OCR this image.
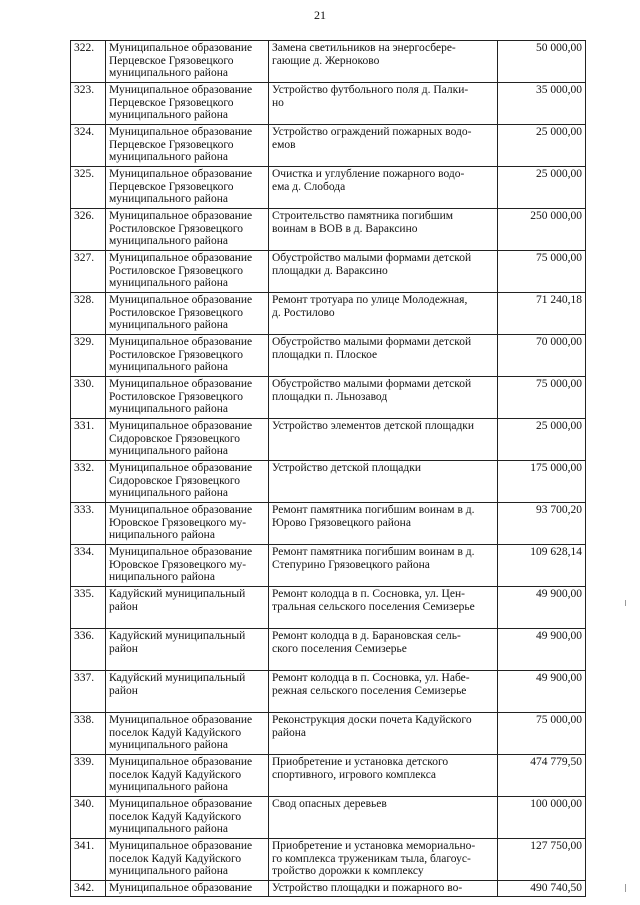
21
322.	Муниципальное образование
Перцевское Грязовецкого
муниципального района	Замена светильников на энергосбере-
гающие д. Жерноково	50 000,00
323.	Муниципальное образование
Перцевское Грязовецкого
муниципального района	Устройство футбольного поля д. Палки-
но	35 000,00
324.	Муниципальное образование
Перцевское Грязовецкого
муниципального района	Устройство ограждений пожарных водо-
емов	25 000,00
325.	Муниципальное образование
Перцевское Грязовецкого
муниципального района	Очистка и углубление пожарного водо-
ема д. Слобода	25 000,00
326.	Муниципальное образование
Ростиловское Грязовецкого
муниципального района	Строительство памятника погибшим
воинам в ВОВ в д. Вараксино	250 000,00
327.	Муниципальное образование
Ростиловское Грязовецкого
муниципального района	Обустройство малыми формами детской
площадки д. Вараксино	75 000,00
328.	Муниципальное образование
Ростиловское Грязовецкого
муниципального района	Ремонт тротуара по улице Молодежная,
д. Ростилово	71 240,18
329.	Муниципальное образование
Ростиловское Грязовецкого
муниципального района	Обустройство малыми формами детской
площадки п. Плоское	70 000,00
330.	Муниципальное образование
Ростиловское Грязовецкого
муниципального района	Обустройство малыми формами детской
площадки п. Льнозавод	75 000,00
331.	Муниципальное образование
Сидоровское Грязовецкого
муниципального района	Устройство элементов детской площадки	25 000,00
332.	Муниципальное образование
Сидоровское Грязовецкого
муниципального района	Устройство детской площадки	175 000,00
333.	Муниципальное образование
Юровское Грязовецкого му-
ниципального района	Ремонт памятника погибшим воинам в д.
Юрово Грязовецкого района	93 700,20
334.	Муниципальное образование
Юровское Грязовецкого му-
ниципального района	Ремонт памятника погибшим воинам в д.
Степурино Грязовецкого района	109 628,14
335.	Кадуйский муниципальный
район	Ремонт колодца в п. Сосновка, ул. Цен-
тральная сельского поселения Семизерье	49 900,00
336.	Кадуйский муниципальный
район	Ремонт колодца в д. Барановская сель-
ского поселения Семизерье	49 900,00
337.	Кадуйский муниципальный
район	Ремонт колодца в п. Сосновка, ул. Набе-
режная сельского поселения Семизерье	49 900,00
338.	Муниципальное образование
поселок Кадуй Кадуйского
муниципального района	Реконструкция доски почета Кадуйского
района	75 000,00
339.	Муниципальное образование
поселок Кадуй Кадуйского
муниципального района	Приобретение и установка детского
спортивного, игрового комплекса	474 779,50
340.	Муниципальное образование
поселок Кадуй Кадуйского
муниципального района	Свод опасных деревьев	100 000,00
341.	Муниципальное образование
поселок Кадуй Кадуйского
муниципального района	Приобретение и установка мемориально-
го комплекса труженикам тыла, благоус-
тройство дорожки к комплексу	127 750,00
342.	Муниципальное образование	Устройство площадки и пожарного во-	490 740,50
